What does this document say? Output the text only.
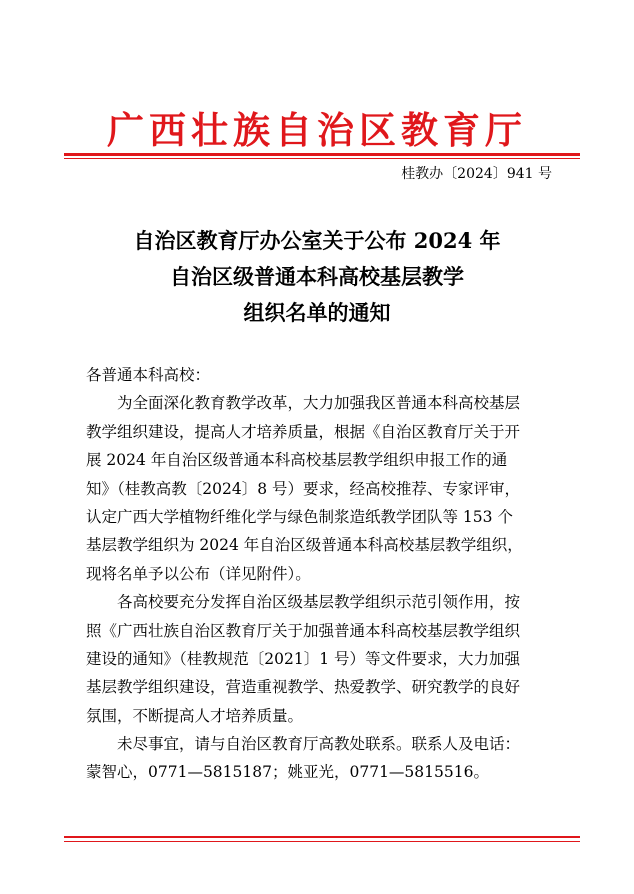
广西壮族自治区教育厅
桂教办〔2024〕941 号
自治区教育厅办公室关于公布 2024 年
自治区级普通本科高校基层教学
组织名单的通知
各普通本科高校：
为全面深化教育教学改革，大力加强我区普通本科高校基层
教学组织建设，提高人才培养质量，根据《自治区教育厅关于开
展 2024 年自治区级普通本科高校基层教学组织申报工作的通
知》（桂教高教〔2024〕8 号）要求，经高校推荐、专家评审，
认定广西大学植物纤维化学与绿色制浆造纸教学团队等 153 个
基层教学组织为 2024 年自治区级普通本科高校基层教学组织，
现将名单予以公布（详见附件）。
各高校要充分发挥自治区级基层教学组织示范引领作用，按
照《广西壮族自治区教育厅关于加强普通本科高校基层教学组织
建设的通知》（桂教规范〔2021〕1 号）等文件要求，大力加强
基层教学组织建设，营造重视教学、热爱教学、研究教学的良好
氛围，不断提高人才培养质量。
未尽事宜，请与自治区教育厅高教处联系。联系人及电话：
蒙智心，0771—5815187；姚亚光，0771—5815516。
